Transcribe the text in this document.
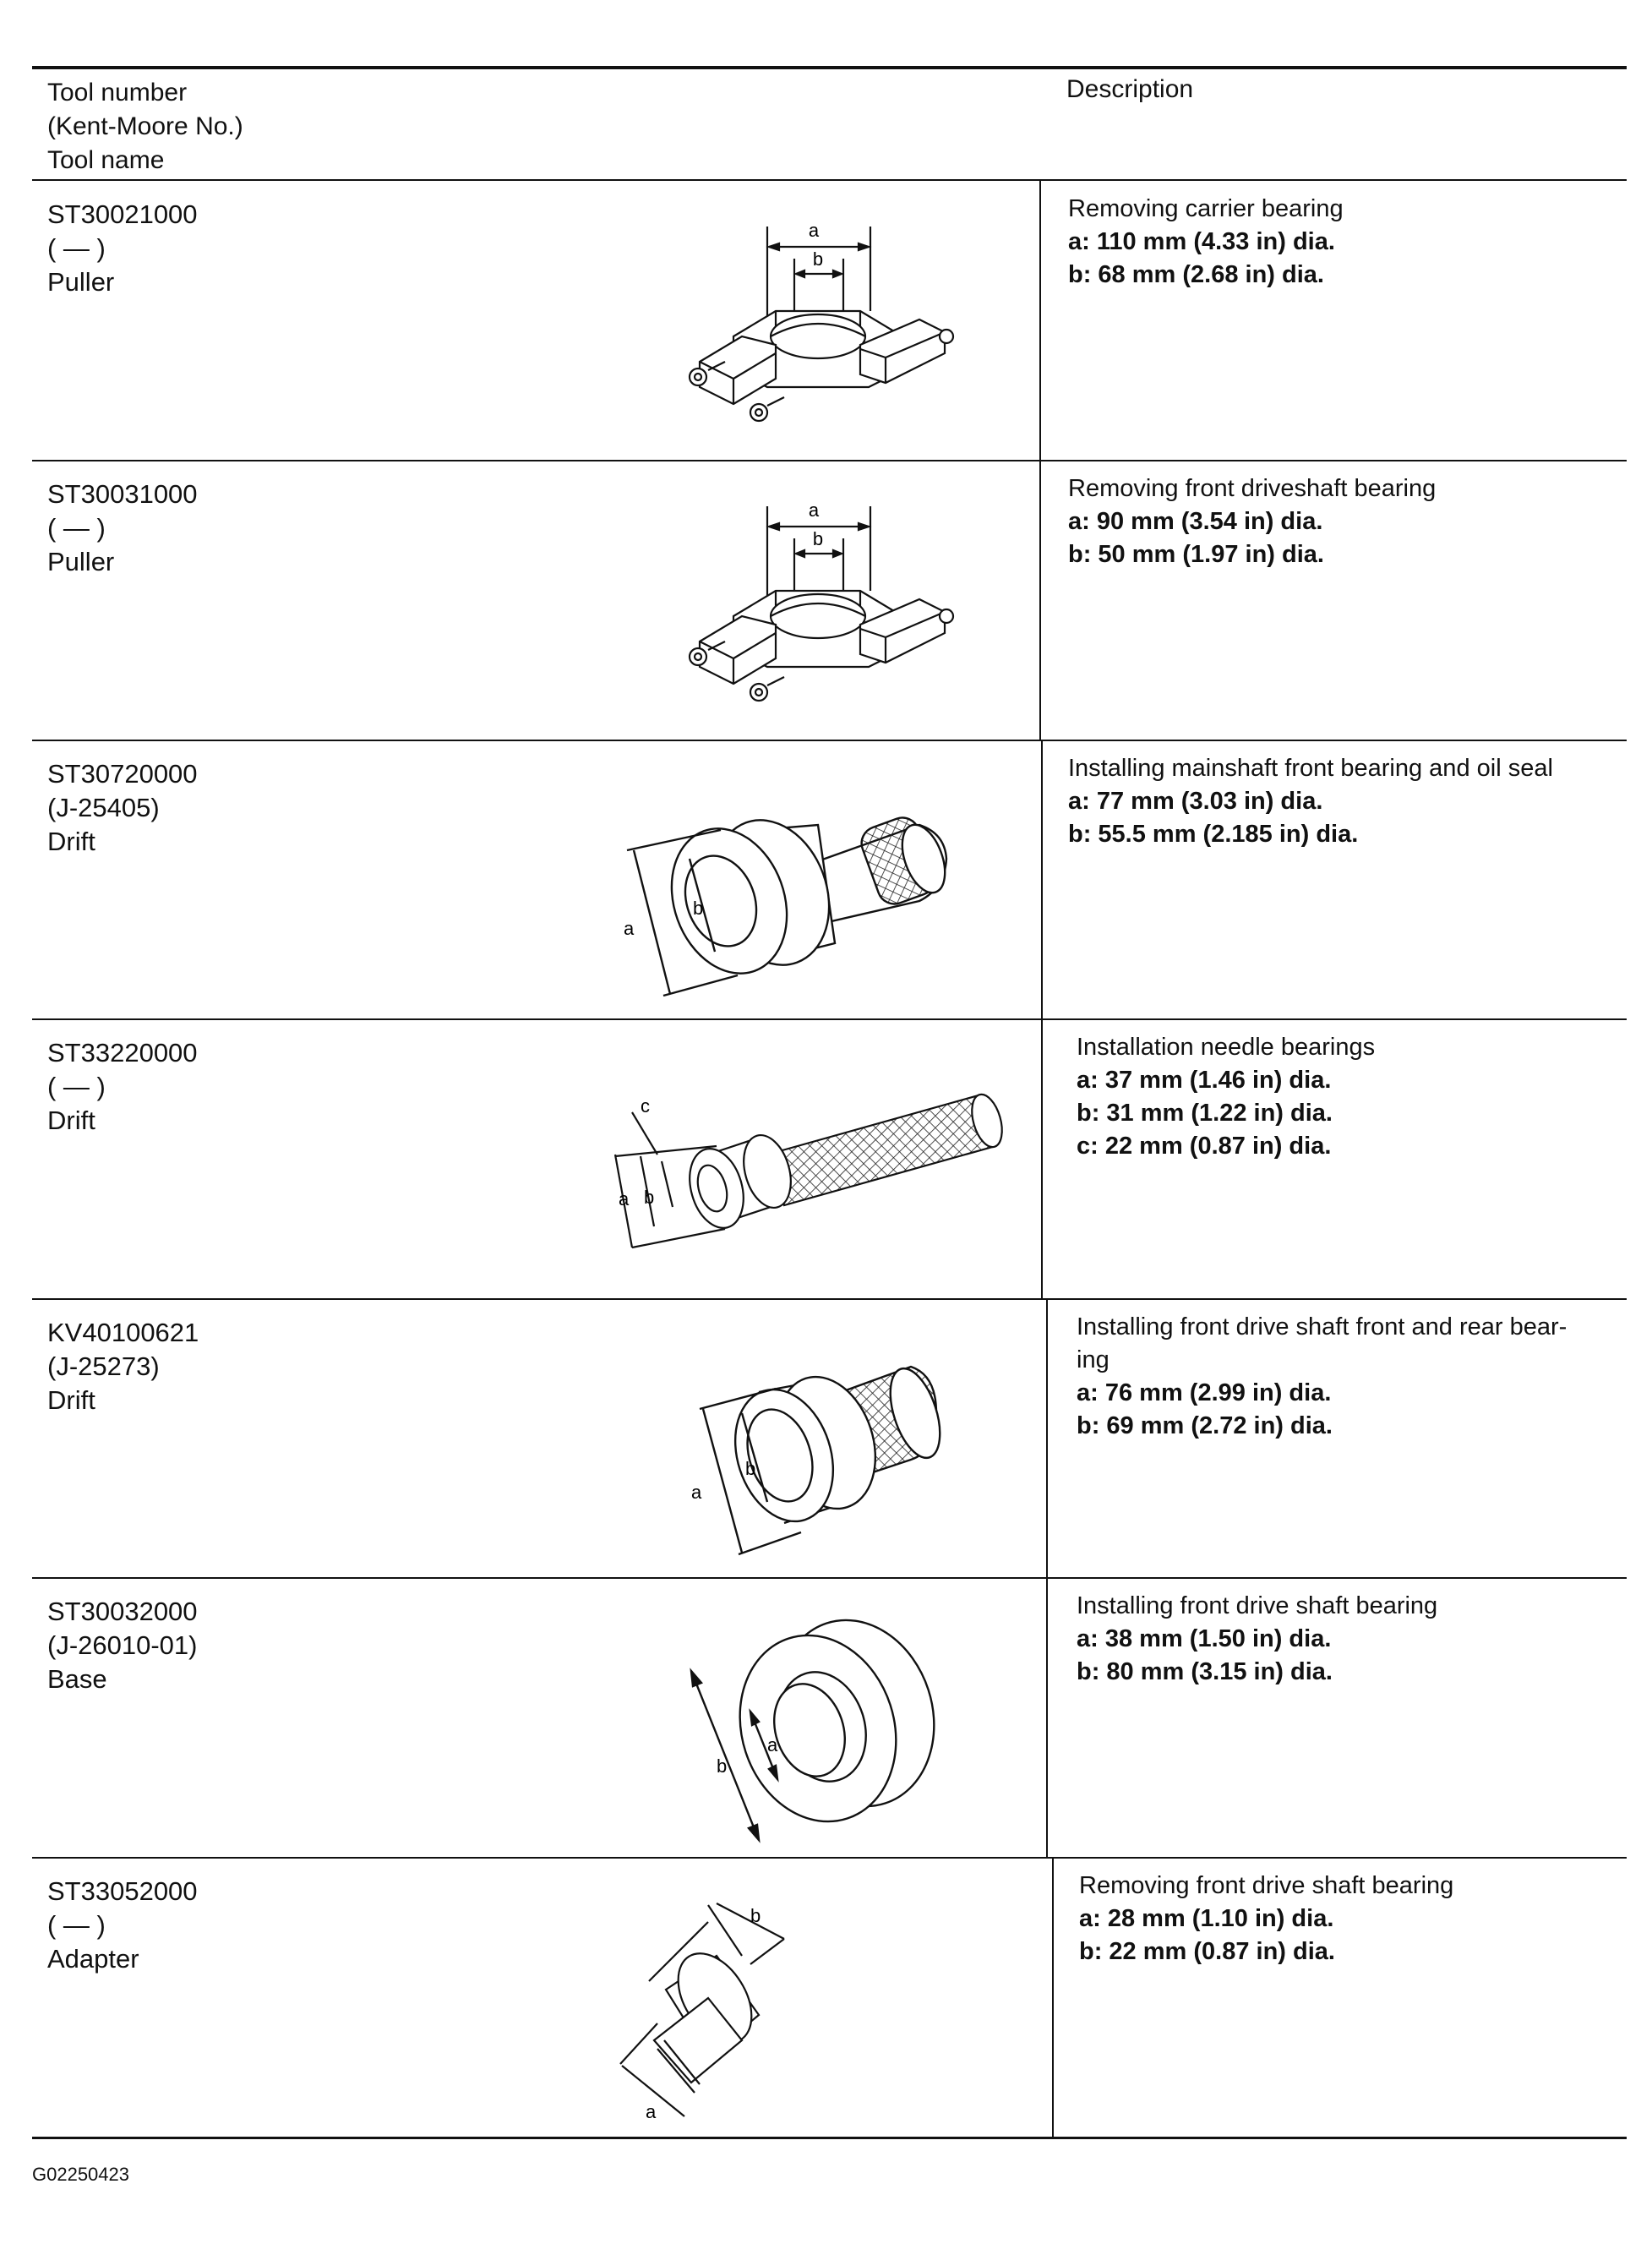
Tool number
(Kent-Moore No.)
Tool name
Description
ST30021000
( — )
Puller
a
b
Removing carrier bearing
a: 110 mm (4.33 in) dia.
b: 68 mm (2.68 in) dia.
ST30031000
( — )
Puller
a
b
Removing front driveshaft bearing
a: 90 mm (3.54 in) dia.
b: 50 mm (1.97 in) dia.
ST30720000
(J-25405)
Drift
a
b
Installing mainshaft front bearing and oil seal
a: 77 mm (3.03 in) dia.
b: 55.5 mm (2.185 in) dia.
ST33220000
( — )
Drift	c
a b
Installation needle bearings
a: 37 mm (1.46 in) dia.
b: 31 mm (1.22 in) dia.
c: 22 mm (0.87 in) dia.
KV40100621
(J-25273)
Drift
a
b
Installing front drive shaft front and rear bear-
ing
a: 76 mm (2.99 in) dia.
b: 69 mm (2.72 in) dia.
ST30032000
(J-26010-01)
Base
a
b
Installing front drive shaft bearing
a: 38 mm (1.50 in) dia.
b: 80 mm (3.15 in) dia.
ST33052000
( — )
Adapter
b
a
Removing front drive shaft bearing
a: 28 mm (1.10 in) dia.
b: 22 mm (0.87 in) dia.
G02250423
